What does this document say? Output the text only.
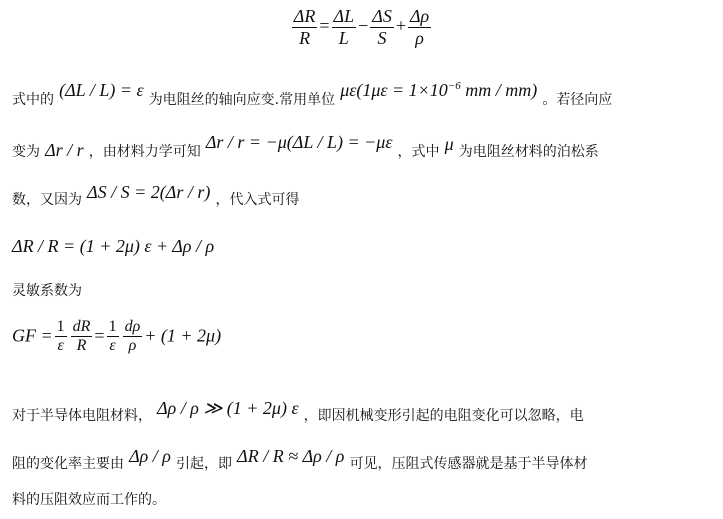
$\frac{\Delta R}{R} = \frac{\Delta L}{L} - \frac{\Delta S}{S} + \frac{\Delta\rho}{\rho}$
式中的 (ΔL / L) = ε 为电阻丝的轴向应变.常用单位 $\mu\varepsilon(1\mu\varepsilon = 1\times 10^{-6}$ mm / mm) 。若径向应
变为 Δr / r ，由材料力学可知 Δr / r = −μ(ΔL / L) = −με ，式中 μ 为电阻丝材料的泊松系
数，又因为 ΔS / S = 2(Δr / r) ，代入式可得
ΔR / R = (1 + 2μ) ε + Δρ / ρ
灵敏系数为
GF = $\frac{1}{\varepsilon} \frac{dR}{R} = \frac{1}{\varepsilon} \frac{d\rho}{\rho} + (1 + 2\mu)$
对于半导体电阻材料， Δρ / ρ ≫ (1 + 2μ) ε ，即因机械变形引起的电阻变化可以忽略，电
阻的变化率主要由 Δρ / ρ 引起，即 ΔR / R ≈ Δρ / ρ 可见，压阻式传感器就是基于半导体材
料的压阻效应而工作的。
